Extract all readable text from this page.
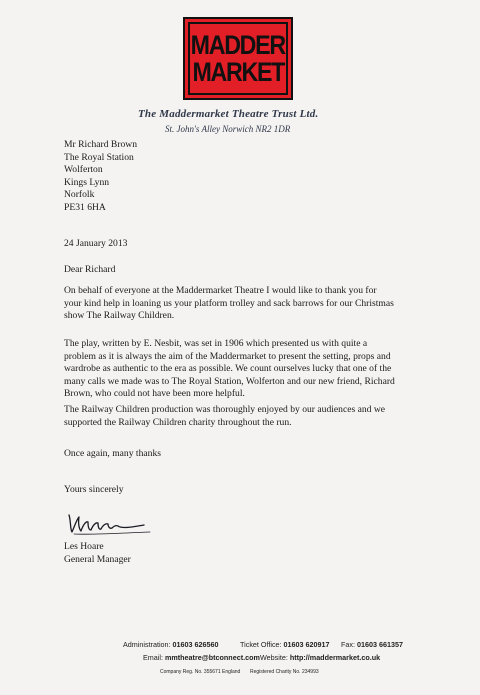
MADDER
MARKET
The Maddermarket Theatre Trust Ltd.
St. John's Alley Norwich NR2 1DR
Mr Richard Brown
The Royal Station
Wolferton
Kings Lynn
Norfolk
PE31 6HA
24 January 2013
Dear Richard
On behalf of everyone at the Maddermarket Theatre I would like to thank you for
your kind help in loaning us your platform trolley and sack barrows for our Christmas
show The Railway Children.
The play, written by E. Nesbit, was set in 1906 which presented us with quite a
problem as it is always the aim of the Maddermarket to present the setting, props and
wardrobe as authentic to the era as possible. We count ourselves lucky that one of the
many calls we made was to The Royal Station, Wolferton and our new friend, Richard
Brown, who could not have been more helpful.
The Railway Children production was thoroughly enjoyed by our audiences and we
supported the Railway Children charity throughout the run.
Once again, many thanks
Yours sincerely
Les Hoare
General Manager
Administration: 01603 626560	Ticket Office: 01603 620917 Fax: 01603 661357
Email: mmtheatre@btconnect.com Website: http://maddermarket.co.uk
Company Reg. No. 355671 England Registered Charity No. 234993
